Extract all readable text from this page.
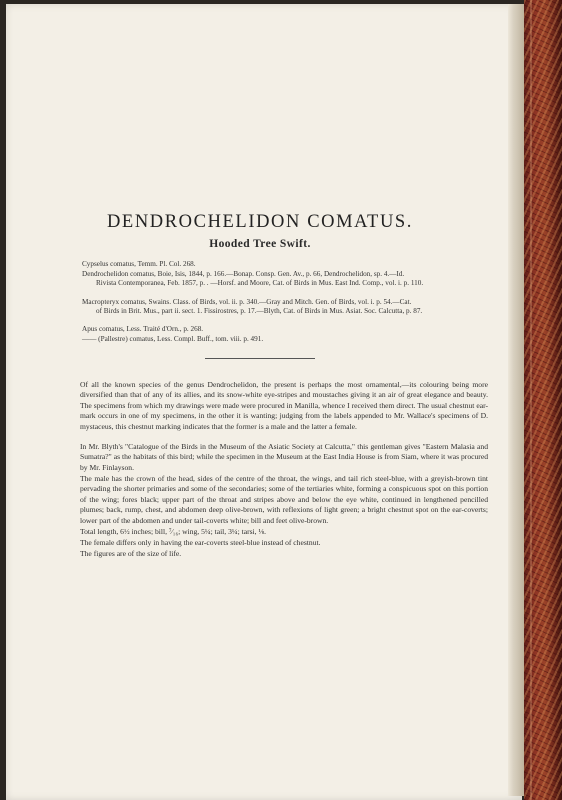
DENDROCHELIDON COMATUS.
Hooded Tree Swift.

Cypselus comatus, Temm. Pl. Col. 268.

Dendrochelidon comatus, Boie, Isis, 1844, p. 166.—Bonap. Consp. Gen. Av., p. 66, Dendrochelidon, sp. 4.—Id.
Rivista Contemporanea, Feb. 1857, p. . —Horsf. and Moore, Cat. of Birds in Mus. East Ind. Comp., vol. i. p. 110.

Macropteryx comatus, Swains. Class. of Birds, vol. ii. p. 340.—Gray and Mitch. Gen. of Birds, vol. i. p. 54.—Cat.
of Birds in Brit. Mus., part ii. sect. 1. Fissirostres, p. 17.—Blyth, Cat. of Birds in Mus. Asiat. Soc. Calcutta, p. 87.

Apus comatus, Less. Traité d'Orn., p. 268.

—— (Pallestre) comatus, Less. Compl. Buff., tom. viii. p. 491.

Of all the known species of the genus Dendrochelidon, the present is perhaps the most ornamental,—its colouring being more diversified than that of any of its allies, and its snow-white eye-stripes and moustaches giving it an air of great elegance and beauty. The specimens from which my drawings were made were procured in Manilla, whence I received them direct. The usual chestnut ear-mark occurs in one of my specimens, in the other it is wanting; judging from the labels appended to Mr. Wallace's specimens of D. mystaceus, this chestnut marking indicates that the former is a male and the latter a female.

In Mr. Blyth's "Catalogue of the Birds in the Museum of the Asiatic Society at Calcutta," this gentleman gives "Eastern Malasia and Sumatra?" as the habitats of this bird; while the specimen in the Museum at the East India House is from Siam, where it was procured by Mr. Finlayson.

The male has the crown of the head, sides of the centre of the throat, the wings, and tail rich steel-blue, with a greyish-brown tint pervading the shorter primaries and some of the secondaries; some of the tertiaries white, forming a conspicuous spot on this portion of the wing; fores black; upper part of the throat and stripes above and below the eye white, continued in lengthened pencilled plumes; back, rump, chest, and abdomen deep olive-brown, with reflexions of light green; a bright chestnut spot on the ear-coverts; lower part of the abdomen and under tail-coverts white; bill and feet olive-brown.

Total length, 6½ inches; bill, ⁷⁄₁₆; wing, 5¼; tail, 3¼; tarsi, ⅛.

The female differs only in having the ear-coverts steel-blue instead of chestnut.

The figures are of the size of life.
